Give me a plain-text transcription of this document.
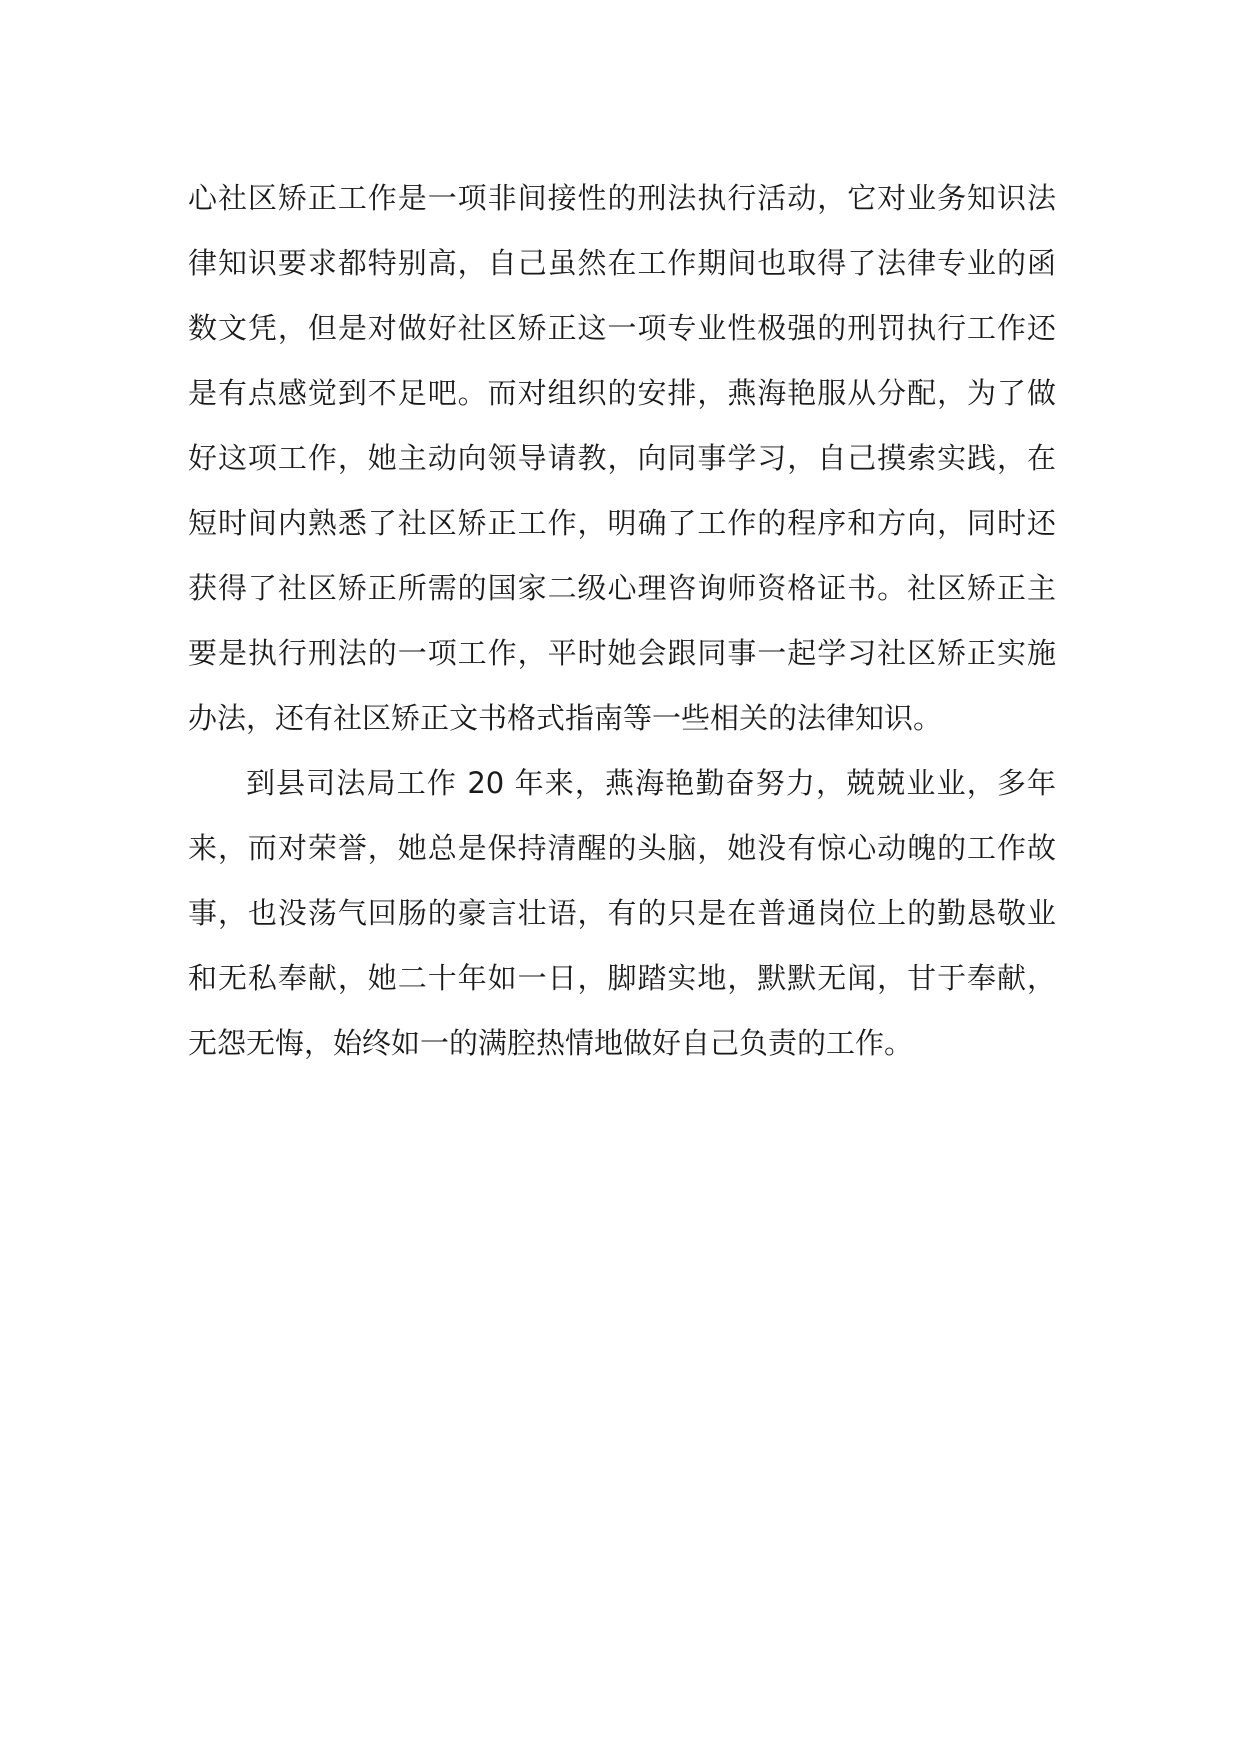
心社区矫正工作是一项非间接性的刑法执行活动，它对业务知识法
律知识要求都特别高，自己虽然在工作期间也取得了法律专业的函
数文凭，但是对做好社区矫正这一项专业性极强的刑罚执行工作还
是有点感觉到不足吧。而对组织的安排，燕海艳服从分配，为了做
好这项工作，她主动向领导请教，向同事学习，自己摸索实践，在
短时间内熟悉了社区矫正工作，明确了工作的程序和方向，同时还
获得了社区矫正所需的国家二级心理咨询师资格证书。社区矫正主
要是执行刑法的一项工作，平时她会跟同事一起学习社区矫正实施
办法，还有社区矫正文书格式指南等一些相关的法律知识。
到县司法局工作 20 年来，燕海艳勤奋努力，兢兢业业，多年
来，而对荣誉，她总是保持清醒的头脑，她没有惊心动魄的工作故
事，也没荡气回肠的豪言壮语，有的只是在普通岗位上的勤恳敬业
和无私奉献，她二十年如一日，脚踏实地，默默无闻，甘于奉献，
无怨无悔，始终如一的满腔热情地做好自己负责的工作。
